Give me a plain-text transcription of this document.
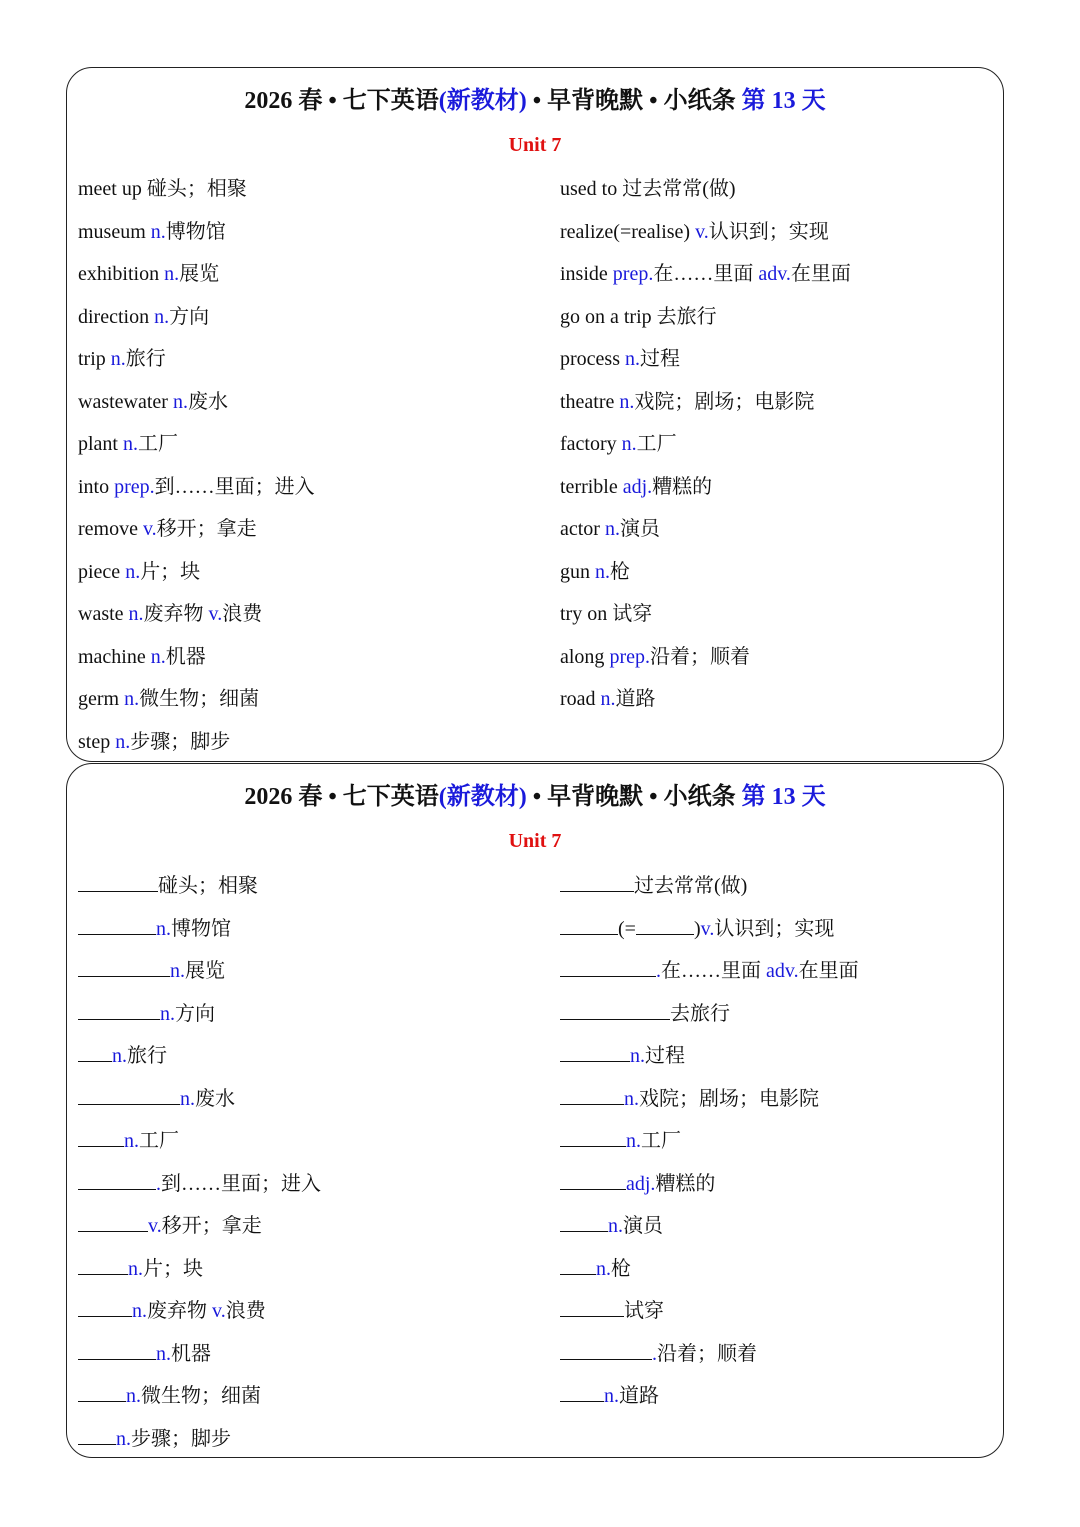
2026 春 • 七下英语(新教材) • 早背晚默 • 小纸条 第 13 天
Unit 7
meet up 碰头；相聚
museum n.博物馆
exhibition n.展览
direction n.方向
trip n.旅行
wastewater n.废水
plant n.工厂
into prep.到……里面；进入
remove v.移开；拿走
piece n.片；块
waste n.废弃物 v.浪费
machine n.机器
germ n.微生物；细菌
step n.步骤；脚步
used to 过去常常(做)
realize(=realise) v.认识到；实现
inside prep.在……里面 adv.在里面
go on a trip 去旅行
process n.过程
theatre n.戏院；剧场；电影院
factory n.工厂
terrible adj.糟糕的
actor n.演员
gun n.枪
try on 试穿
along prep.沿着；顺着
road n.道路
2026 春 • 七下英语(新教材) • 早背晚默 • 小纸条 第 13 天
Unit 7
碰头；相聚
n.博物馆
n.展览
n.方向
n.旅行
n.废水
n.工厂
.到……里面；进入
v.移开；拿走
n.片；块
n.废弃物 v.浪费
n.机器
n.微生物；细菌
n.步骤；脚步
过去常常(做)
(=	)v.认识到；实现
.在……里面 adv.在里面
去旅行
n.过程
n.戏院；剧场；电影院
n.工厂
adj.糟糕的
n.演员
n.枪
试穿
.沿着；顺着
n.道路
